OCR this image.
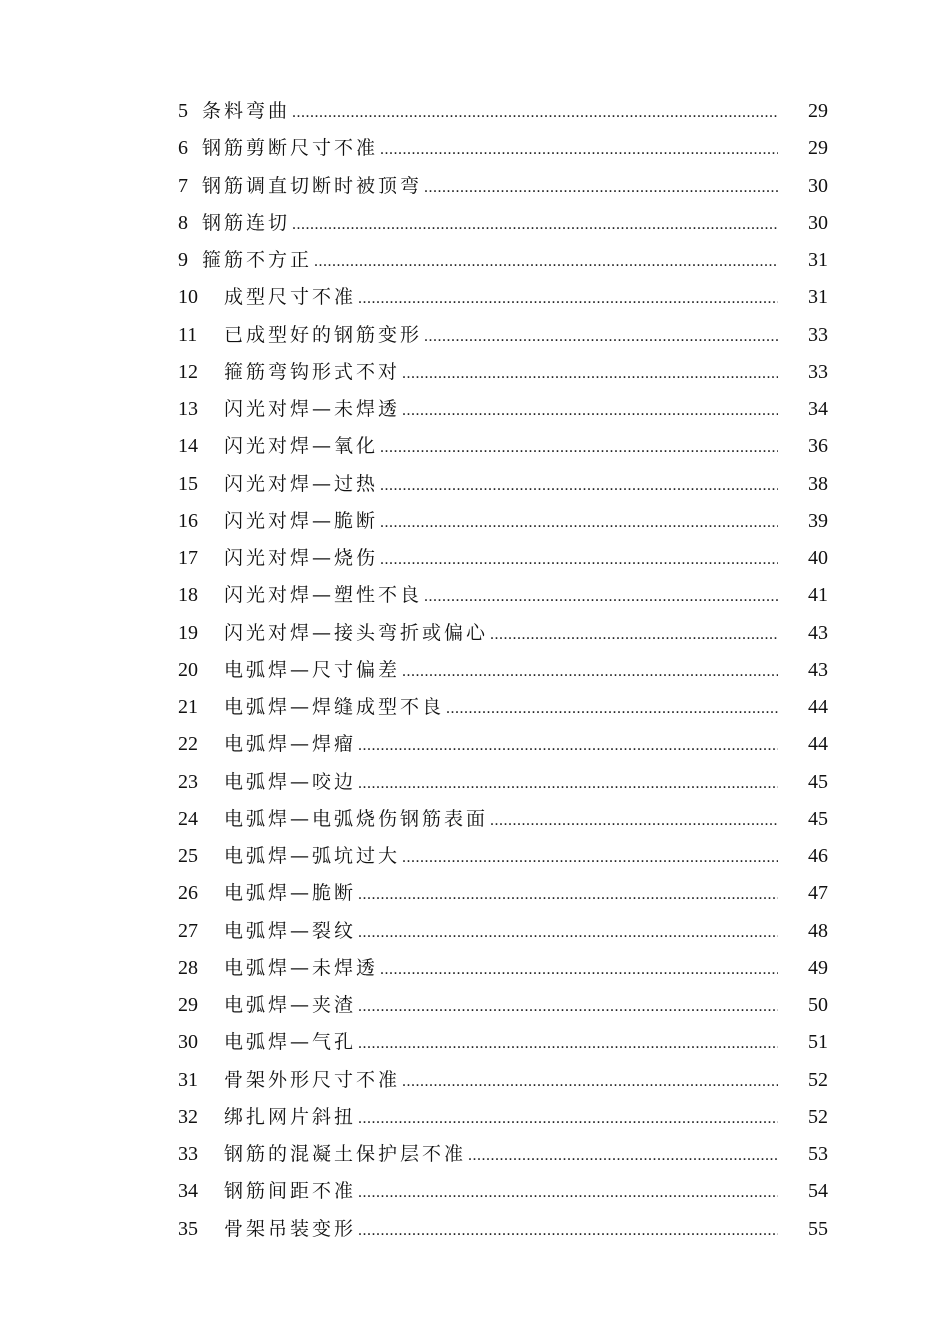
5 条料弯曲 .....	29
6 钢筋剪断尺寸不准 .....	29
7 钢筋调直切断时被顶弯 .....	30
8 钢筋连切 .....	30
9 箍筋不方正 .....	31
10	成型尺寸不准 .....	31
11	已成型好的钢筋变形 .....	33
12	箍筋弯钩形式不对 .....	33
13	闪光对焊—未焊透 .....	34
14	闪光对焊—氧化 .....	36
15	闪光对焊—过热 .....	38
16	闪光对焊—脆断 .....	39
17	闪光对焊—烧伤 .....	40
18	闪光对焊—塑性不良 .....	41
19	闪光对焊—接头弯折或偏心 .....	43
20	电弧焊—尺寸偏差 .....	43
21	电弧焊—焊缝成型不良 .....	44
22	电弧焊—焊瘤 .....	44
23	电弧焊—咬边 .....	45
24	电弧焊—电弧烧伤钢筋表面 .....	45
25	电弧焊—弧坑过大 .....	46
26	电弧焊—脆断 .....	47
27	电弧焊—裂纹 .....	48
28	电弧焊—未焊透 .....	49
29	电弧焊—夹渣 .....	50
30	电弧焊—气孔 .....	51
31	骨架外形尺寸不准 .....	52
32	绑扎网片斜扭 .....	52
33	钢筋的混凝土保护层不准 .....	53
34	钢筋间距不准 .....	54
35	骨架吊装变形 .....	55
